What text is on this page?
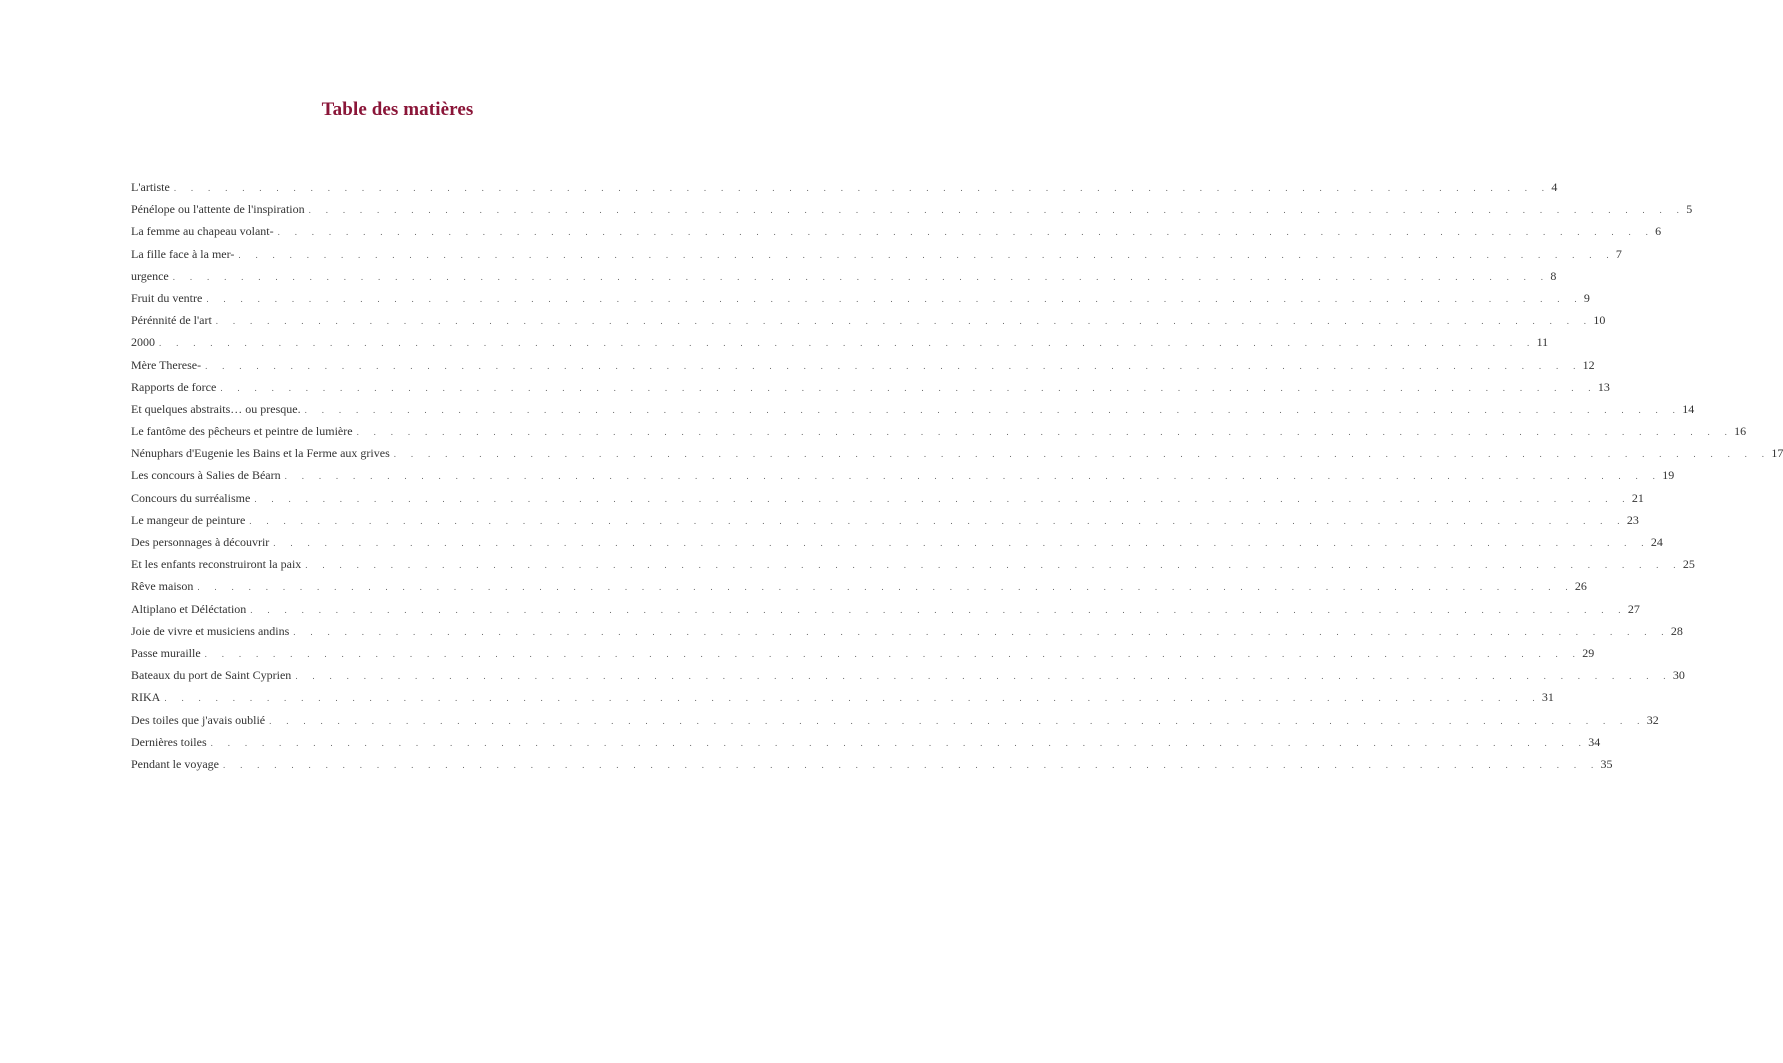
Table des matières
L'artiste . . . . . . . . . . . . . . . . . . . . . . . . . . . . . . . . . . . . . . . . . . . . . . . . . . . . . . . . . . . . . . . . . . . . . . . . . . . . . . . . . 4
Pénélope ou l'attente de l'inspiration . . . . . . . . . . . . . . . . . . . . . . . . . . . . . . . . . . . . . . . . . . . . . . . . . . . . . . . . . . . . . . . . . . . . . . . . . . . . . . . . . 5
La femme au chapeau volant- . . . . . . . . . . . . . . . . . . . . . . . . . . . . . . . . . . . . . . . . . . . . . . . . . . . . . . . . . . . . . . . . . . . . . . . . . . . . . . . . . 6
La fille face à la mer- . . . . . . . . . . . . . . . . . . . . . . . . . . . . . . . . . . . . . . . . . . . . . . . . . . . . . . . . . . . . . . . . . . . . . . . . . . . . . . . . . 7
urgence . . . . . . . . . . . . . . . . . . . . . . . . . . . . . . . . . . . . . . . . . . . . . . . . . . . . . . . . . . . . . . . . . . . . . . . . . . . . . . . . . 8
Fruit du ventre . . . . . . . . . . . . . . . . . . . . . . . . . . . . . . . . . . . . . . . . . . . . . . . . . . . . . . . . . . . . . . . . . . . . . . . . . . . . . . . . . 9
Pérénnité de l'art . . . . . . . . . . . . . . . . . . . . . . . . . . . . . . . . . . . . . . . . . . . . . . . . . . . . . . . . . . . . . . . . . . . . . . . . . . . . . . . . . 10
2000 . . . . . . . . . . . . . . . . . . . . . . . . . . . . . . . . . . . . . . . . . . . . . . . . . . . . . . . . . . . . . . . . . . . . . . . . . . . . . . . . . 11
Mère Therese- . . . . . . . . . . . . . . . . . . . . . . . . . . . . . . . . . . . . . . . . . . . . . . . . . . . . . . . . . . . . . . . . . . . . . . . . . . . . . . . . . 12
Rapports de force . . . . . . . . . . . . . . . . . . . . . . . . . . . . . . . . . . . . . . . . . . . . . . . . . . . . . . . . . . . . . . . . . . . . . . . . . . . . . . . . . 13
Et quelques abstraits… ou presque. . . . . . . . . . . . . . . . . . . . . . . . . . . . . . . . . . . . . . . . . . . . . . . . . . . . . . . . . . . . . . . . . . . . . . . . . . . . . . . . . . 14
Le fantôme des pêcheurs et peintre de lumière . . . . . . . . . . . . . . . . . . . . . . . . . . . . . . . . . . . . . . . . . . . . . . . . . . . . . . . . . . . . . . . . . . . . . . . . . . . . . . . . . 16
Nénuphars d'Eugenie les Bains et la Ferme aux grives . . . . . . . . . . . . . . . . . . . . . . . . . . . . . . . . . . . . . . . . . . . . . . . . . . . . . . . . . . . . . . . . . . . . . . . . . . . . . . . . . 17
Les concours à Salies de Béarn . . . . . . . . . . . . . . . . . . . . . . . . . . . . . . . . . . . . . . . . . . . . . . . . . . . . . . . . . . . . . . . . . . . . . . . . . . . . . . . . . 19
Concours du surréalisme . . . . . . . . . . . . . . . . . . . . . . . . . . . . . . . . . . . . . . . . . . . . . . . . . . . . . . . . . . . . . . . . . . . . . . . . . . . . . . . . . 21
Le mangeur de peinture . . . . . . . . . . . . . . . . . . . . . . . . . . . . . . . . . . . . . . . . . . . . . . . . . . . . . . . . . . . . . . . . . . . . . . . . . . . . . . . . . 23
Des personnages à découvrir . . . . . . . . . . . . . . . . . . . . . . . . . . . . . . . . . . . . . . . . . . . . . . . . . . . . . . . . . . . . . . . . . . . . . . . . . . . . . . . . . 24
Et les enfants reconstruiront la paix . . . . . . . . . . . . . . . . . . . . . . . . . . . . . . . . . . . . . . . . . . . . . . . . . . . . . . . . . . . . . . . . . . . . . . . . . . . . . . . . . 25
Rêve maison . . . . . . . . . . . . . . . . . . . . . . . . . . . . . . . . . . . . . . . . . . . . . . . . . . . . . . . . . . . . . . . . . . . . . . . . . . . . . . . . . 26
Altiplano et Déléctation . . . . . . . . . . . . . . . . . . . . . . . . . . . . . . . . . . . . . . . . . . . . . . . . . . . . . . . . . . . . . . . . . . . . . . . . . . . . . . . . . 27
Joie de vivre et musiciens andins . . . . . . . . . . . . . . . . . . . . . . . . . . . . . . . . . . . . . . . . . . . . . . . . . . . . . . . . . . . . . . . . . . . . . . . . . . . . . . . . . 28
Passe muraille . . . . . . . . . . . . . . . . . . . . . . . . . . . . . . . . . . . . . . . . . . . . . . . . . . . . . . . . . . . . . . . . . . . . . . . . . . . . . . . . . 29
Bateaux du port de Saint Cyprien . . . . . . . . . . . . . . . . . . . . . . . . . . . . . . . . . . . . . . . . . . . . . . . . . . . . . . . . . . . . . . . . . . . . . . . . . . . . . . . . . 30
RIKA . . . . . . . . . . . . . . . . . . . . . . . . . . . . . . . . . . . . . . . . . . . . . . . . . . . . . . . . . . . . . . . . . . . . . . . . . . . . . . . . . 31
Des toiles que j'avais oublié . . . . . . . . . . . . . . . . . . . . . . . . . . . . . . . . . . . . . . . . . . . . . . . . . . . . . . . . . . . . . . . . . . . . . . . . . . . . . . . . . 32
Dernières toiles . . . . . . . . . . . . . . . . . . . . . . . . . . . . . . . . . . . . . . . . . . . . . . . . . . . . . . . . . . . . . . . . . . . . . . . . . . . . . . . . . 34
Pendant le voyage . . . . . . . . . . . . . . . . . . . . . . . . . . . . . . . . . . . . . . . . . . . . . . . . . . . . . . . . . . . . . . . . . . . . . . . . . . . . . . . . . 35
